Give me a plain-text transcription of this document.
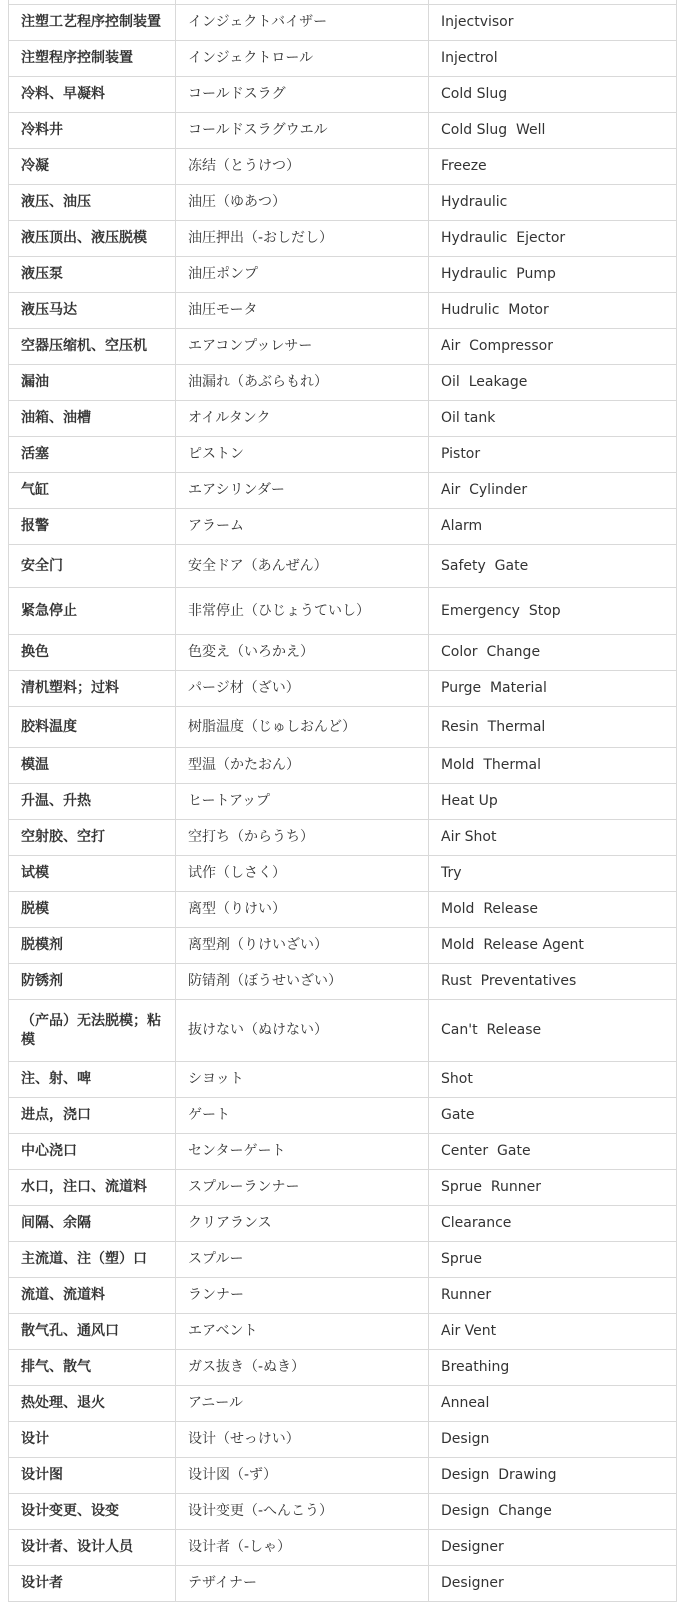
注塑工艺程序控制装置	インジェクトバイザー	Injectvisor
注塑程序控制装置	インジェクトロール	Injectrol
冷料、早凝料	コールドスラグ	Cold Slug
冷料井	コールドスラグウエル	Cold Slug  Well
冷凝	冻结（とうけつ）	Freeze
液压、油压	油圧（ゆあつ）	Hydraulic
液压顶出、液压脱模	油圧押出（-おしだし）	Hydraulic  Ejector
液压泵	油圧ポンプ	Hydraulic  Pump
液压马达	油圧モータ	Hudrulic  Motor
空器压缩机、空压机	エアコンプッレサー	Air  Compressor
漏油	油漏れ（あぶらもれ）	Oil  Leakage
油箱、油槽	オイルタンク	Oil tank
活塞	ピストン	Pistor
气缸	エアシリンダー	Air  Cylinder
报警	アラーム	Alarm
安全门	安全ドア（あんぜん）	Safety  Gate
紧急停止	非常停止（ひじょうていし）	Emergency  Stop
换色	色変え（いろかえ）	Color  Change
清机塑料；过料	パージ材（ざい）	Purge  Material
胶料温度	树脂温度（じゅしおんど）	Resin  Thermal
模温	型温（かたおん）	Mold  Thermal
升温、升热	ヒートアップ	Heat Up
空射胶、空打	空打ち（からうち）	Air Shot
试模	试作（しさく）	Try
脱模	离型（りけい）	Mold  Release
脱模剂	离型剤（りけいざい）	Mold  Release Agent
防锈剂	防锖剤（ぼうせいざい）	Rust  Preventatives
（产品）无法脱模；粘模	抜けない（ぬけない）	Can't  Release
注、射、啤	シヨット	Shot
进点，浇口	ゲート	Gate
中心浇口	センターゲート	Center  Gate
水口，注口、流道料	スプルーランナー	Sprue  Runner
间隔、余隔	クリアランス	Clearance
主流道、注（塑）口	スプルー	Sprue
流道、流道料	ランナー	Runner
散气孔、通风口	エアベント	Air Vent
排气、散气	ガス抜き（-ぬき）	Breathing
热处理、退火	アニール	Anneal
设计	设计（せっけい）	Design
设计图	设计図（-ず）	Design  Drawing
设计变更、设变	设计变更（-へんこう）	Design  Change
设计者、设计人员	设计者（-しゃ）	Designer
设计者	テザイナー	Designer
